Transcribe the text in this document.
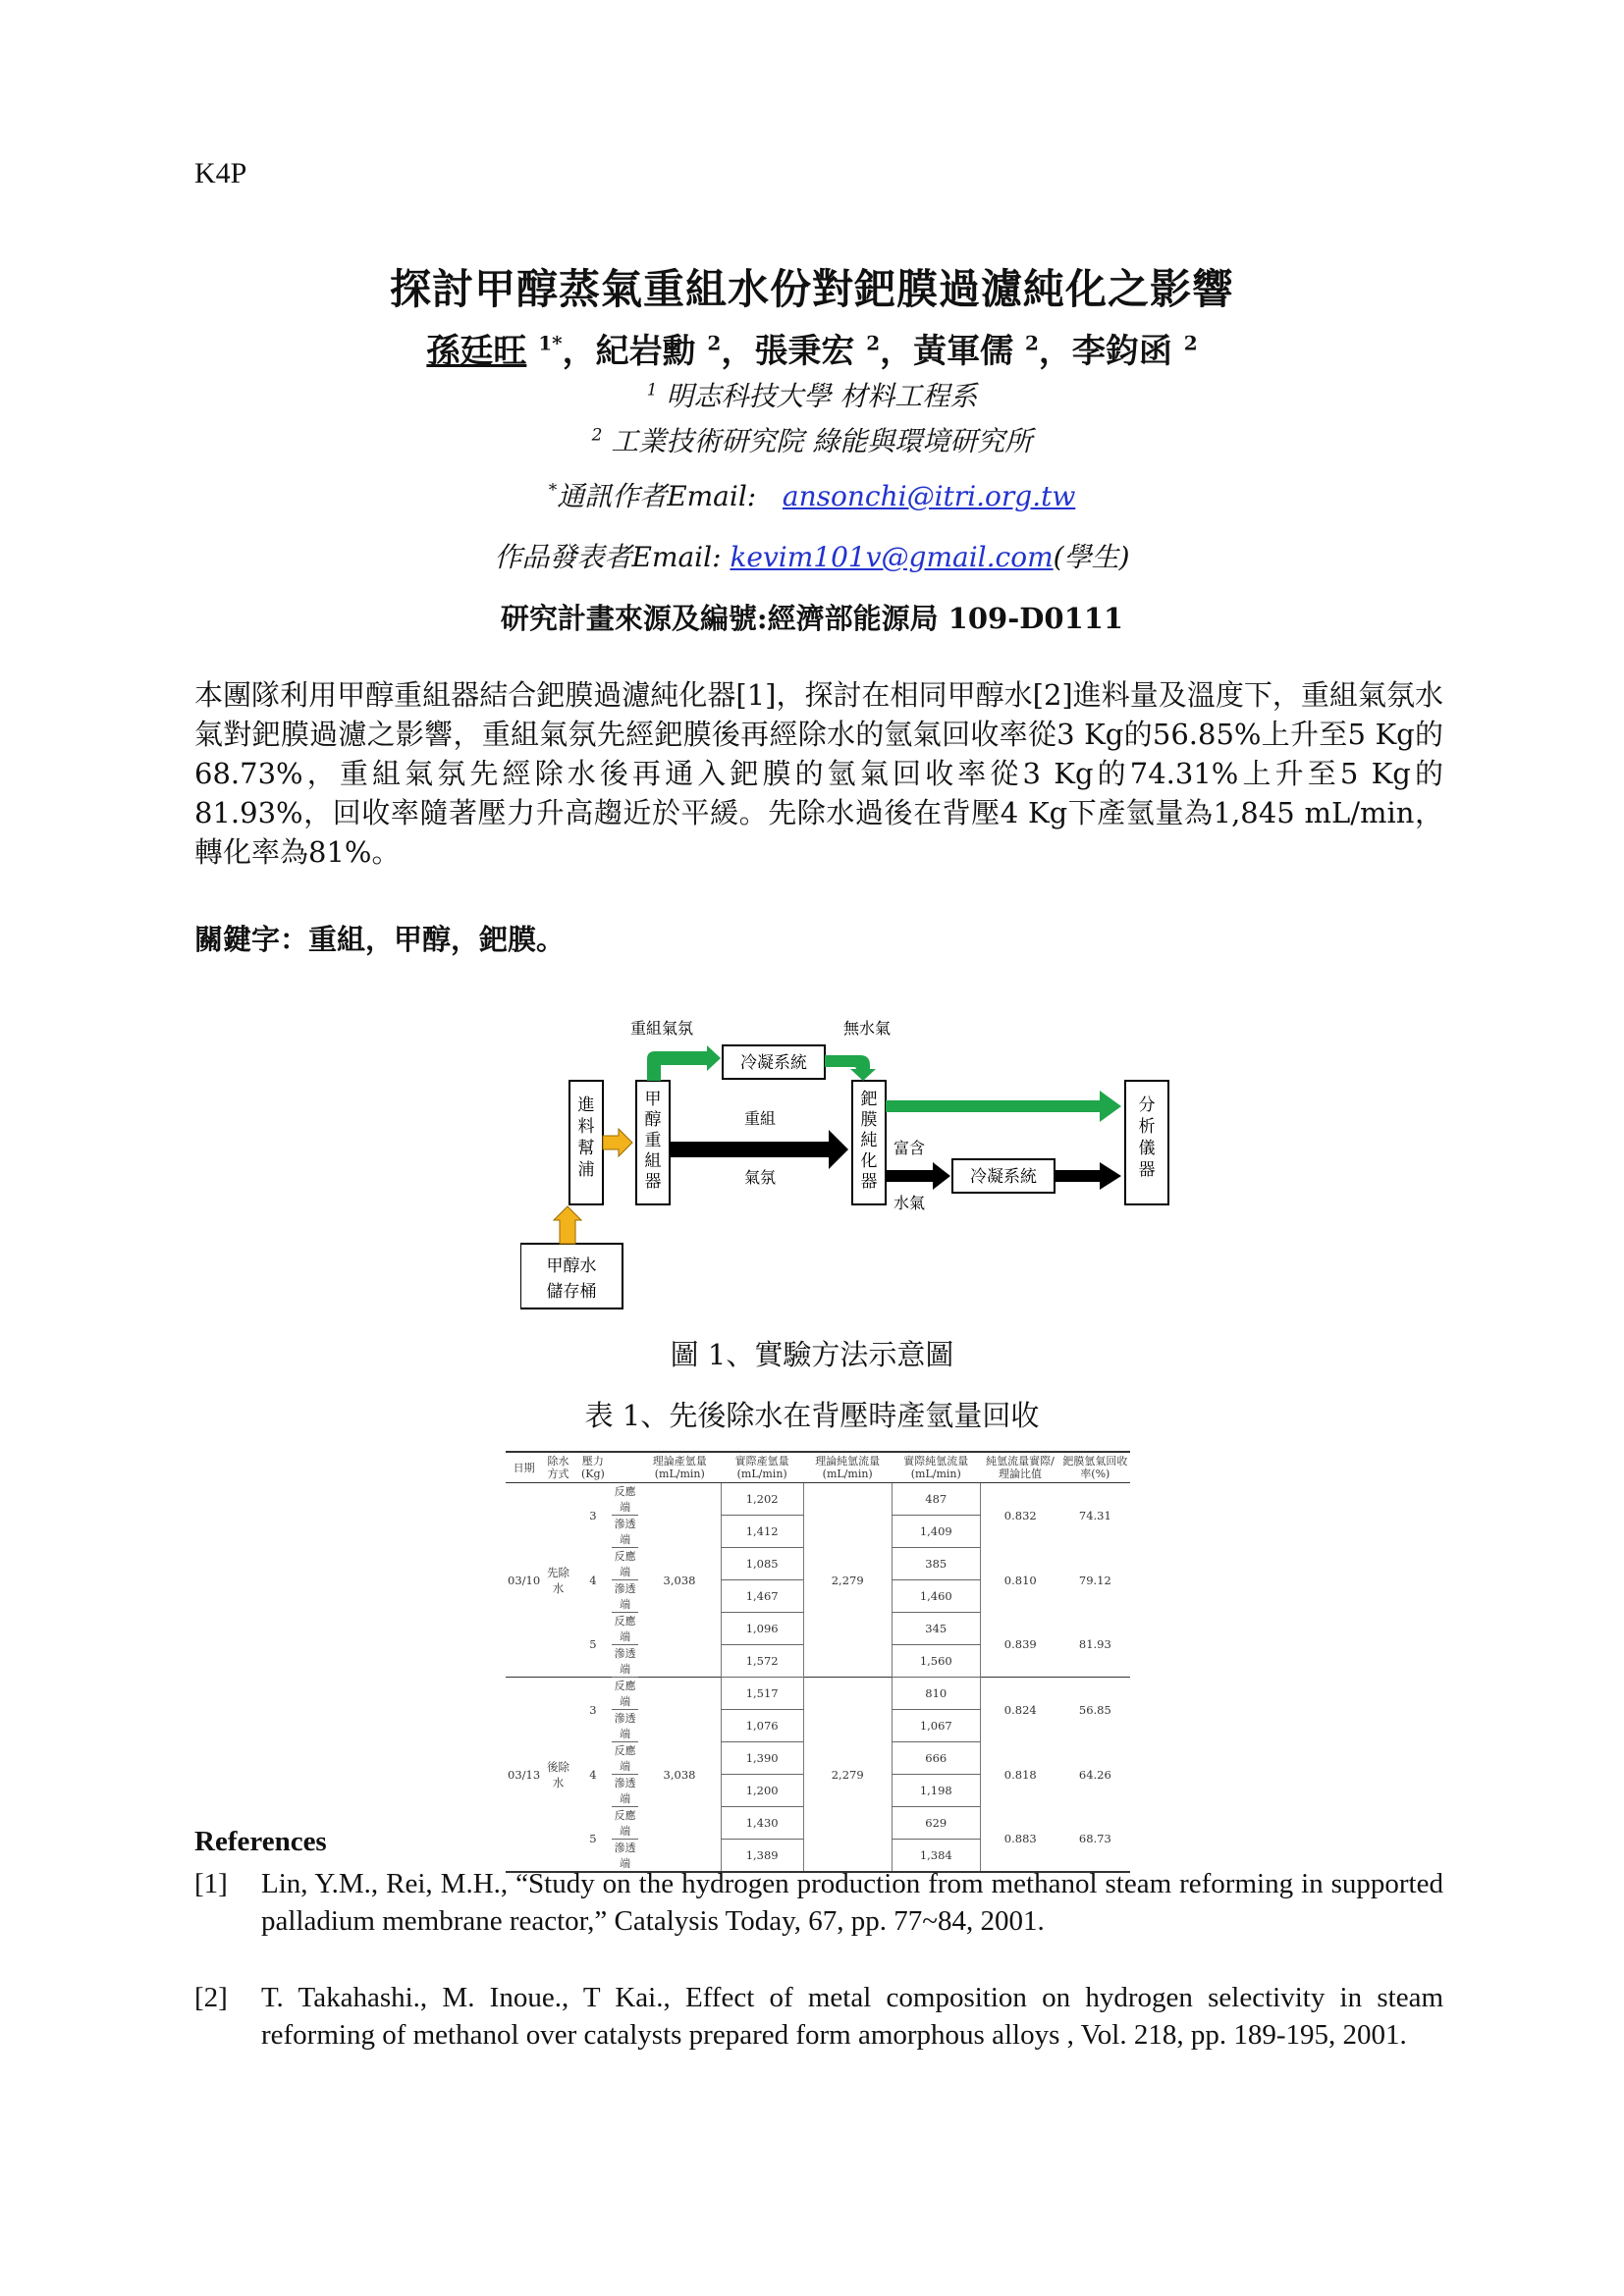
K4P
探討甲醇蒸氣重組水份對鈀膜過濾純化之影響
孫廷旺 $^{1*}$，紀岩勳 $^2$，張秉宏 $^2$，黃軍儒 $^2$，李鈞函 $^2$
$^1$ 明志科技大學 材料工程系
$^2$ 工業技術研究院 綠能與環境研究所
*通訊作者Email: ansonchi@itri.org.tw
作品發表者Email: kevim101v@gmail.com(學生)
研究計畫來源及編號:經濟部能源局 109-D0111
本團隊利用甲醇重組器結合鈀膜過濾純化器[1]，探討在相同甲醇水[2]進料量及溫度下，重組氣氛水氣對鈀膜過濾之影響，重組氣氛先經鈀膜後再經除水的氫氣回收率從3 Kg的56.85%上升至5 Kg的68.73%，重組氣氛先經除水後再通入鈀膜的氫氣回收率從3 Kg的74.31%上升至5 Kg的81.93%，回收率隨著壓力升高趨近於平緩。先除水過後在背壓4 Kg下產氫量為1,845 mL/min，轉化率為81%。
關鍵字：重組，甲醇，鈀膜。
進料幫浦
甲醇重組器
鈀膜純化器
分析儀器
冷凝系統
冷凝系統
甲醇水
儲存桶
重組氣氛	無水氣
重組
氣氛
富含
水氣
圖 1、實驗方法示意圖
表 1、先後除水在背壓時產氫量回收
日期	除水方式	壓力(Kg)		理論產氫量(mL/min)	實際產氫量(mL/min)	理論純氫流量(mL/min)	實際純氫流量(mL/min)	純氫流量實際/理論比值	鈀膜氫氣回收率(%)
03/10	先除水	3	反應端	3,038	1,202	2,279	487	0.832	74.31
			滲透端		1,412		1,409		
		4	反應端		1,085		385	0.810	79.12
			滲透端		1,467		1,460		
		5	反應端		1,096		345	0.839	81.93
			滲透端		1,572		1,560		
03/13	後除水	3	反應端	3,038	1,517	2,279	810	0.824	56.85
			滲透端		1,076		1,067		
		4	反應端		1,390		666	0.818	64.26
			滲透端		1,200		1,198		
		5	反應端		1,430		629	0.883	68.73
			滲透端		1,389		1,384		
References
[1] Lin, Y.M., Rei, M.H., “Study on the hydrogen production from methanol steam reforming in supported palladium membrane reactor,” Catalysis Today, 67, pp. 77~84, 2001.
[2] T. Takahashi., M. Inoue., T Kai., Effect of metal composition on hydrogen selectivity in steam reforming of methanol over catalysts prepared form amorphous alloys , Vol. 218, pp. 189-195, 2001.
